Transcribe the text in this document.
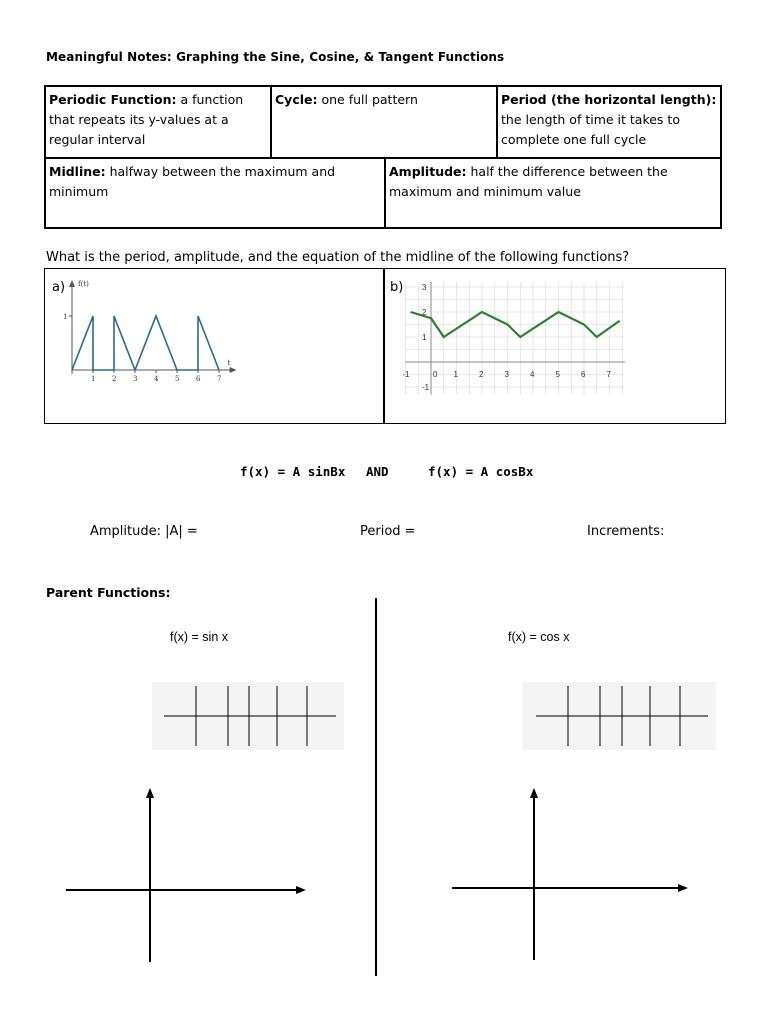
Meaningful Notes: Graphing the Sine, Cosine, & Tangent Functions
Periodic Function: a function that repeats its y-values at a regular interval	Cycle: one full pattern	Period (the horizontal length): the length of time it takes to complete one full cycle
Midline: halfway between the maximum and minimum	Amplitude: half the difference between the maximum and minimum value
What is the period, amplitude, and the equation of the midline of the following functions?
a) f(t)
t
1
1 2 3 4 5 6 7
b) 3
2
1
-1
-1	0 1	2	3	4	5	6	7
f(x) = A sinBx AND	f(x) = A cosBx
Amplitude: |A| =	Period =	Increments:
Parent Functions:
f(x) = sin x	f(x) = cos x
